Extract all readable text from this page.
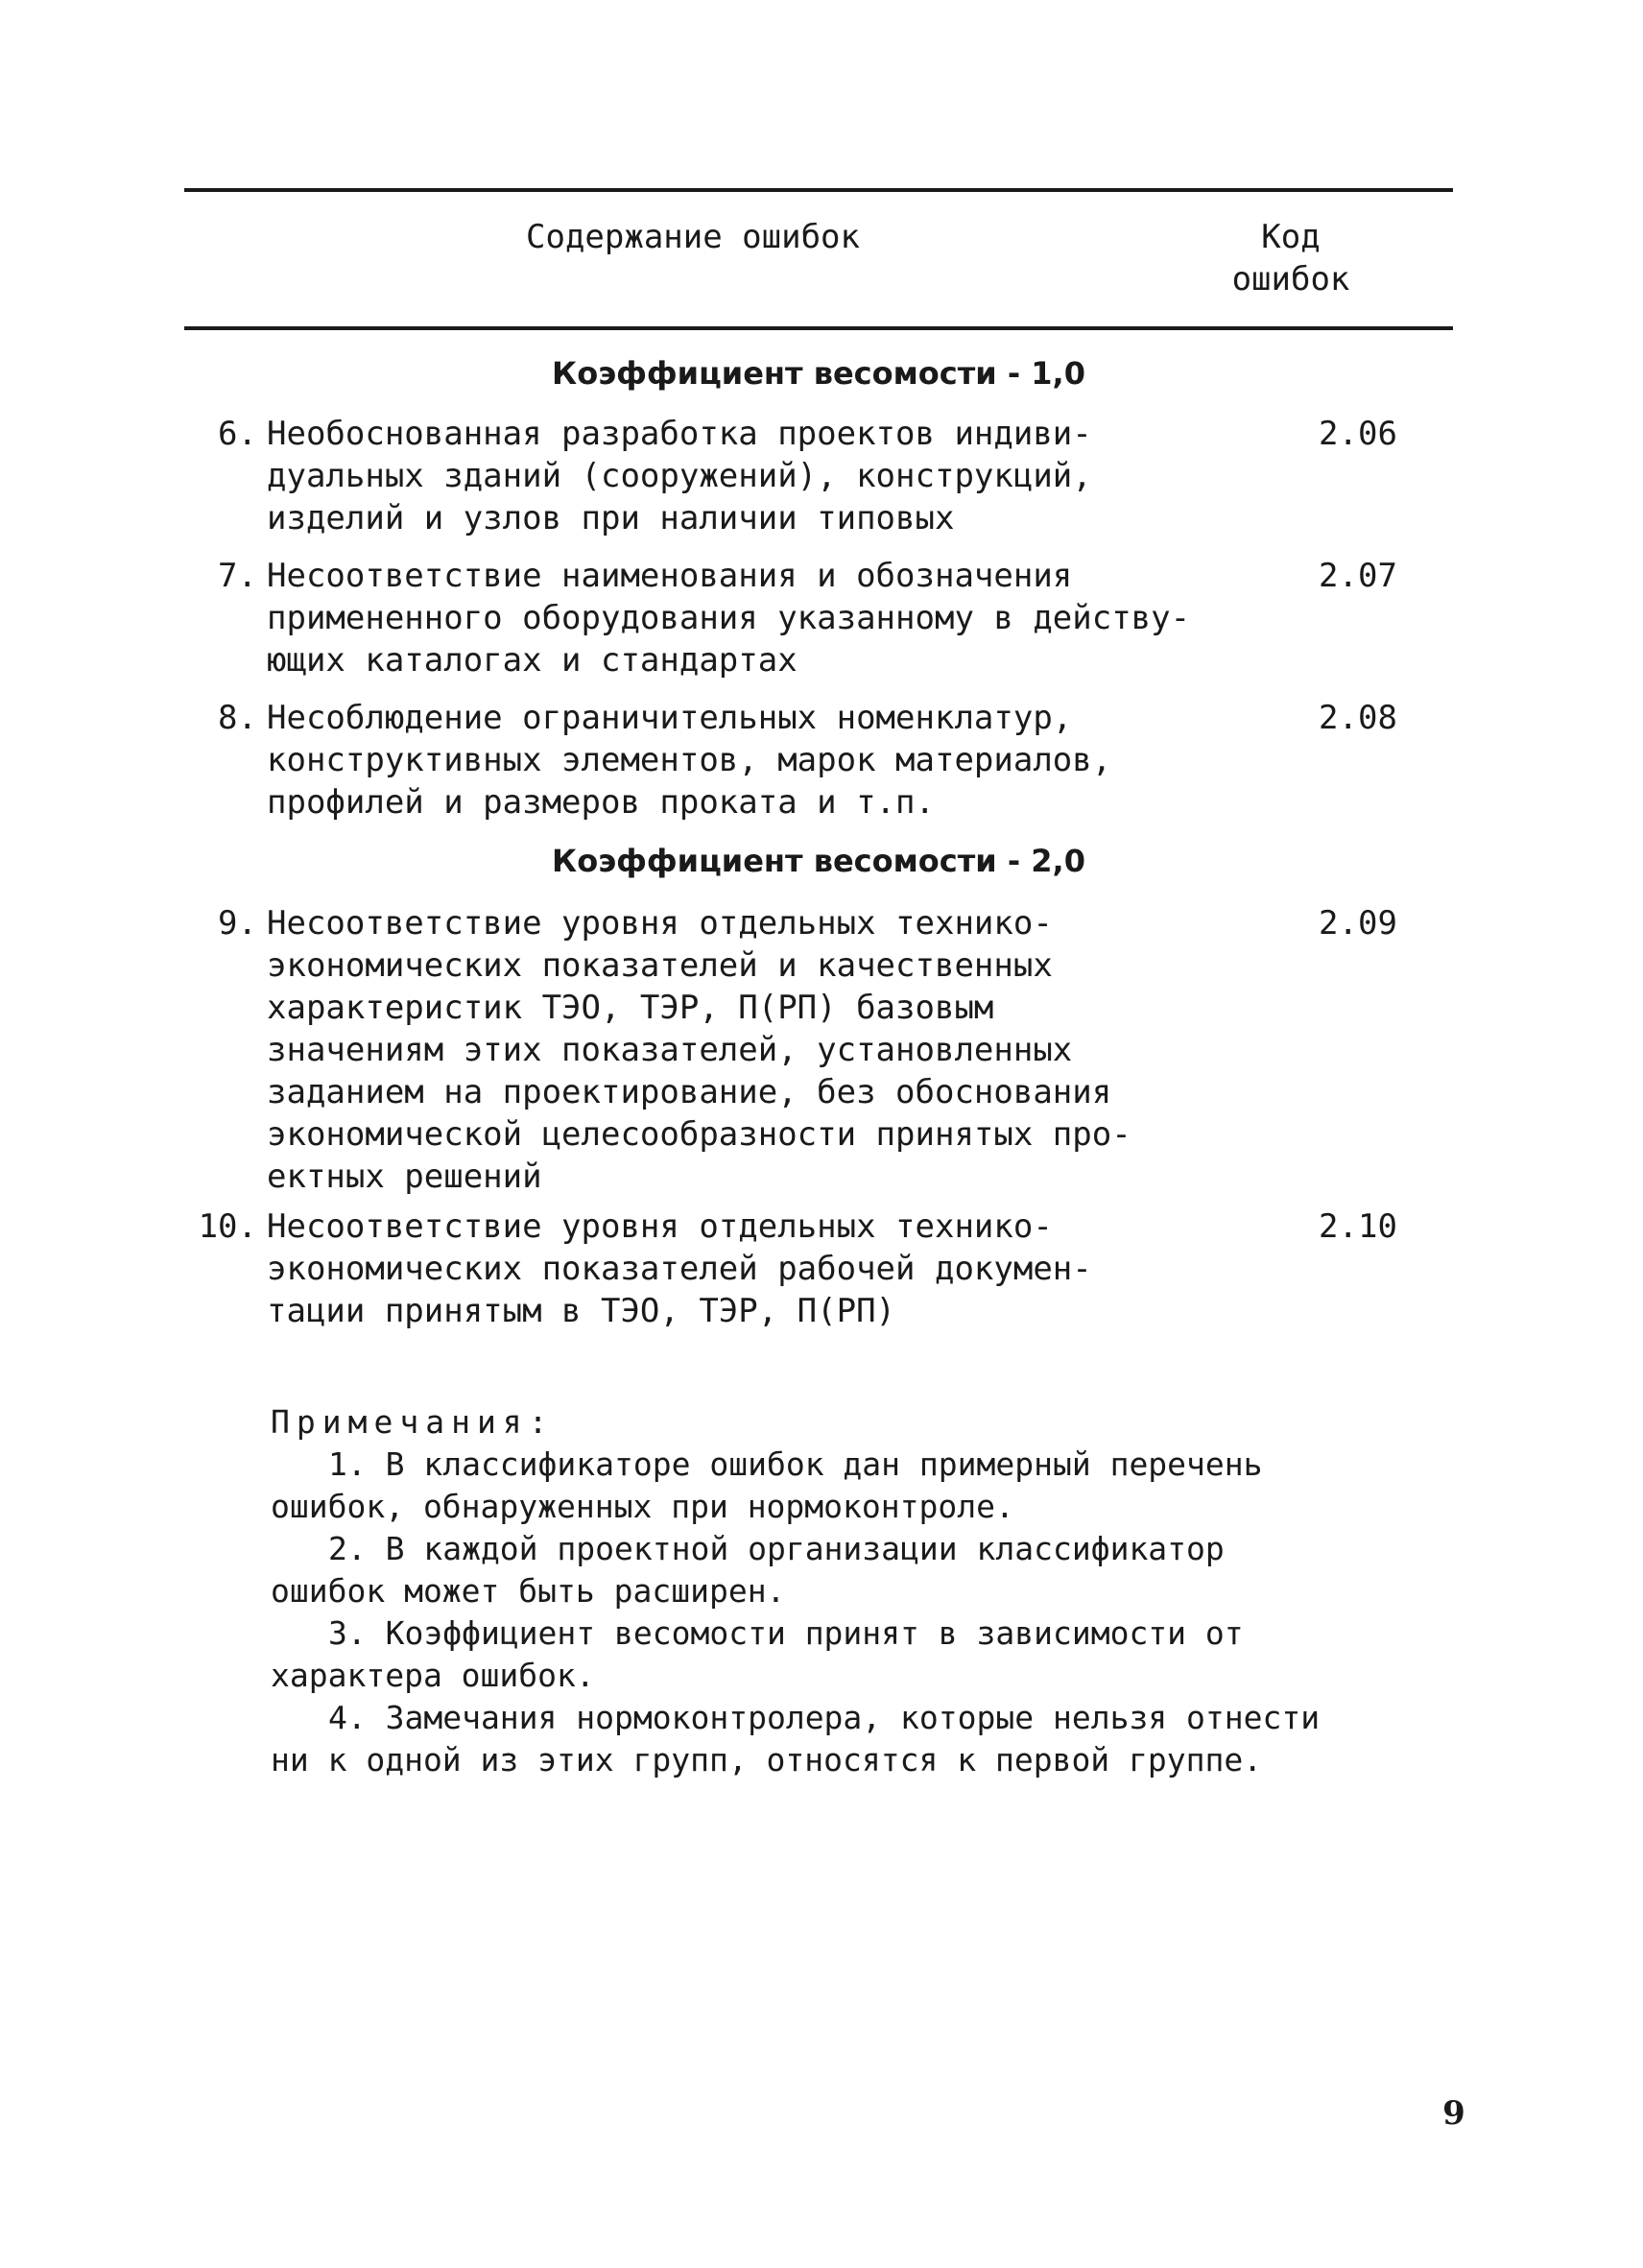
Содержание ошибок	Код
ошибок
Коэффициент весомости - 1,0
6. Необоснованная разработка проектов индиви-
дуальных зданий (сооружений), конструкций,
изделий и узлов при наличии типовых
2.06
7. Несоответствие наименования и обозначения
примененного оборудования указанному в действу-
ющих каталогах и стандартах
2.07
8. Несоблюдение ограничительных номенклатур,
конструктивных элементов, марок материалов,
профилей и размеров проката и т.п.
2.08
Коэффициент весомости - 2,0
9. Несоответствие уровня отдельных технико-
экономических показателей и качественных
характеристик ТЭО, ТЭР, П(РП) базовым
значениям этих показателей, установленных
заданием на проектирование, без обоснования
экономической целесообразности принятых про-
ектных решений
2.09
10. Несоответствие уровня отдельных технико-
экономических показателей рабочей докумен-
тации принятым в ТЭО, ТЭР, П(РП)
2.10
Примечания:
1. В классификаторе ошибок дан примерный перечень
ошибок, обнаруженных при нормоконтроле.
2. В каждой проектной организации классификатор
ошибок может быть расширен.
3. Коэффициент весомости принят в зависимости от
характера ошибок.
4. Замечания нормоконтролера, которые нельзя отнести
ни к одной из этих групп, относятся к первой группе.
9
